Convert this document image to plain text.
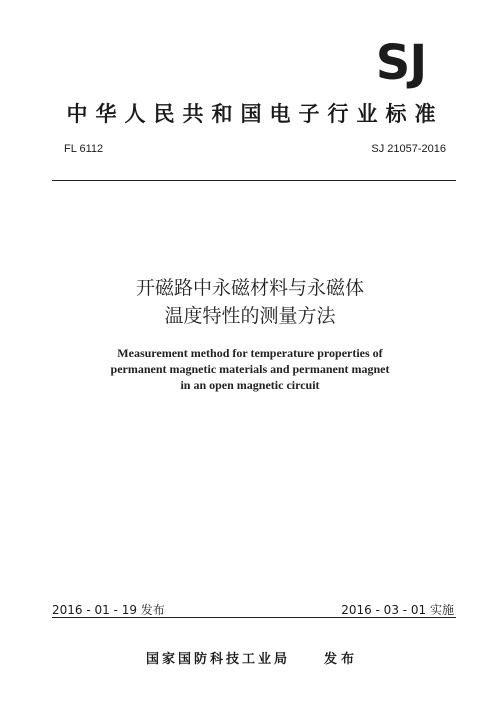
SJ
中华人民共和国电子行业标准
FL 6112	SJ 21057-2016
开磁路中永磁材料与永磁体
温度特性的测量方法
Measurement method for temperature properties of
permanent magnetic materials and permanent magnet
in an open magnetic circuit
2016 - 01 - 19 发布	2016 - 03 - 01 实施
国家国防科技工业局	发布
